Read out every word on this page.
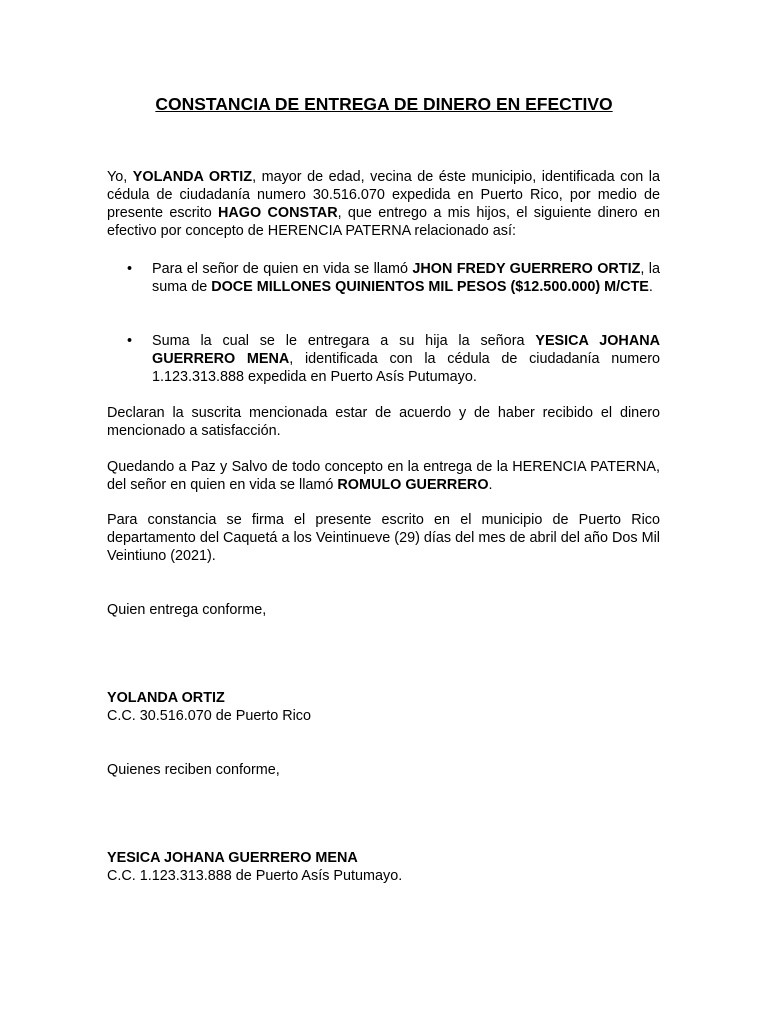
CONSTANCIA DE ENTREGA DE DINERO EN EFECTIVO
Yo, YOLANDA ORTIZ, mayor de edad, vecina de éste municipio, identificada con la cédula de ciudadanía numero 30.516.070 expedida en Puerto Rico, por medio de presente escrito HAGO CONSTAR, que entrego a mis hijos, el siguiente dinero en efectivo por concepto de HERENCIA PATERNA relacionado así:
• Para el señor de quien en vida se llamó JHON FREDY GUERRERO ORTIZ, la suma de DOCE MILLONES QUINIENTOS MIL PESOS ($12.500.000) M/CTE.
• Suma la cual se le entregara a su hija la señora YESICA JOHANA GUERRERO MENA, identificada con la cédula de ciudadanía numero 1.123.313.888 expedida en Puerto Asís Putumayo.
Declaran la suscrita mencionada estar de acuerdo y de haber recibido el dinero mencionado a satisfacción.
Quedando a Paz y Salvo de todo concepto en la entrega de la HERENCIA PATERNA, del señor en quien en vida se llamó ROMULO GUERRERO.
Para constancia se firma el presente escrito en el municipio de Puerto Rico departamento del Caquetá a los Veintinueve (29) días del mes de abril del año Dos Mil Veintiuno (2021).
Quien entrega conforme,
YOLANDA ORTIZ
C.C. 30.516.070 de Puerto Rico
Quienes reciben conforme,
YESICA JOHANA GUERRERO MENA
C.C. 1.123.313.888 de Puerto Asís Putumayo.
